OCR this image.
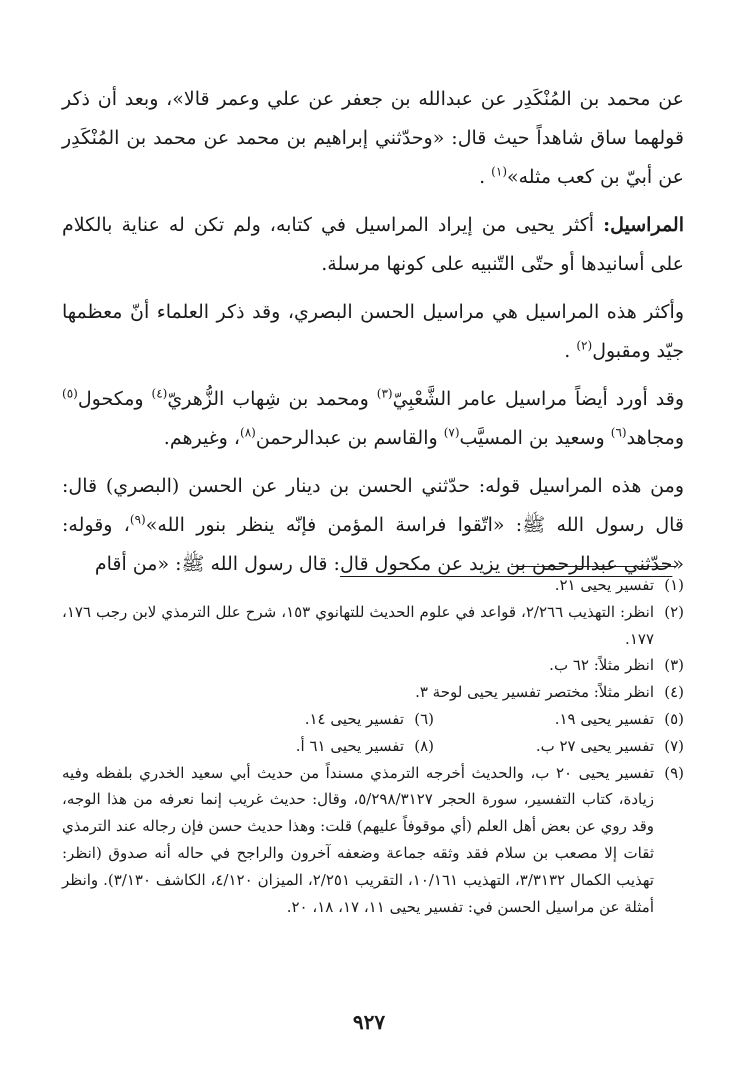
عن محمد بن المُنْكَدِر عن عبدالله بن جعفر عن علي وعمر قالا»، وبعد أن ذكر قولهما ساق شاهداً حيث قال: «وحدّثني إبراهيم بن محمد عن محمد بن المُنْكَدِر عن أبيّ بن كعب مثله»$^{(١)}$ .

المراسيل: أكثر يحيى من إيراد المراسيل في كتابه، ولم تكن له عناية بالكلام على أسانيدها أو حتّى التّنبيه على كونها مرسلة.

وأكثر هذه المراسيل هي مراسيل الحسن البصري، وقد ذكر العلماء أنّ معظمها جيّد ومقبول$^{(٢)}$ .

وقد أورد أيضاً مراسيل عامر الشَّعْبِيّ$^{(٣)}$ ومحمد بن شِهاب الزُّهريّ$^{(٤)}$ ومكحول$^{(٥)}$ ومجاهد$^{(٦)}$ وسعيد بن المسيَّب$^{(٧)}$ والقاسم بن عبدالرحمن$^{(٨)}$، وغيرهم.

ومن هذه المراسيل قوله: حدّثني الحسن بن دينار عن الحسن (البصري) قال: قال رسول الله ﷺ: «اتّقوا فراسة المؤمن فإنّه ينظر بنور الله»$^{(٩)}$، وقوله: «حدّثني عبدالرحمن بن يزيد عن مكحول قال: قال رسول الله ﷺ: «من أقام

(١)
تفسير يحيى ٢١.
(٢)
انظر: التهذيب ٢/٢٦٦، قواعد في علوم الحديث للتهانوي ١٥٣، شرح علل الترمذي لابن رجب ١٧٦، ١٧٧.
(٣)
انظر مثلاً: ٦٢ ب.
(٤)
انظر مثلاً: مختصر تفسير يحيى لوحة ٣.
(٥)
تفسير يحيى ١٩.
(٦)
تفسير يحيى ١٤.
(٧)
تفسير يحيى ٢٧ ب.
(٨)
تفسير يحيى ٦١ أ.
(٩)
تفسير يحيى ٢٠ ب، والحديث أخرجه الترمذي مسنداً من حديث أبي سعيد الخدري بلفظه وفيه زيادة، كتاب التفسير، سورة الحجر ٥/٢٩٨/٣١٢٧، وقال: حديث غريب إنما نعرفه من هذا الوجه، وقد روي عن بعض أهل العلم (أي موقوفاً عليهم) قلت: وهذا حديث حسن فإن رجاله عند الترمذي ثقات إلا مصعب بن سلام فقد وثقه جماعة وضعفه آخرون والراجح في حاله أنه صدوق (انظر: تهذيب الكمال ٣/٣١٣٢، التهذيب ١٠/١٦١، التقريب ٢/٢٥١، الميزان ٤/١٢٠، الكاشف ٣/١٣٠). وانظر أمثلة عن مراسيل الحسن في: تفسير يحيى ١١، ١٧، ١٨، ٢٠.
٩٢٧
